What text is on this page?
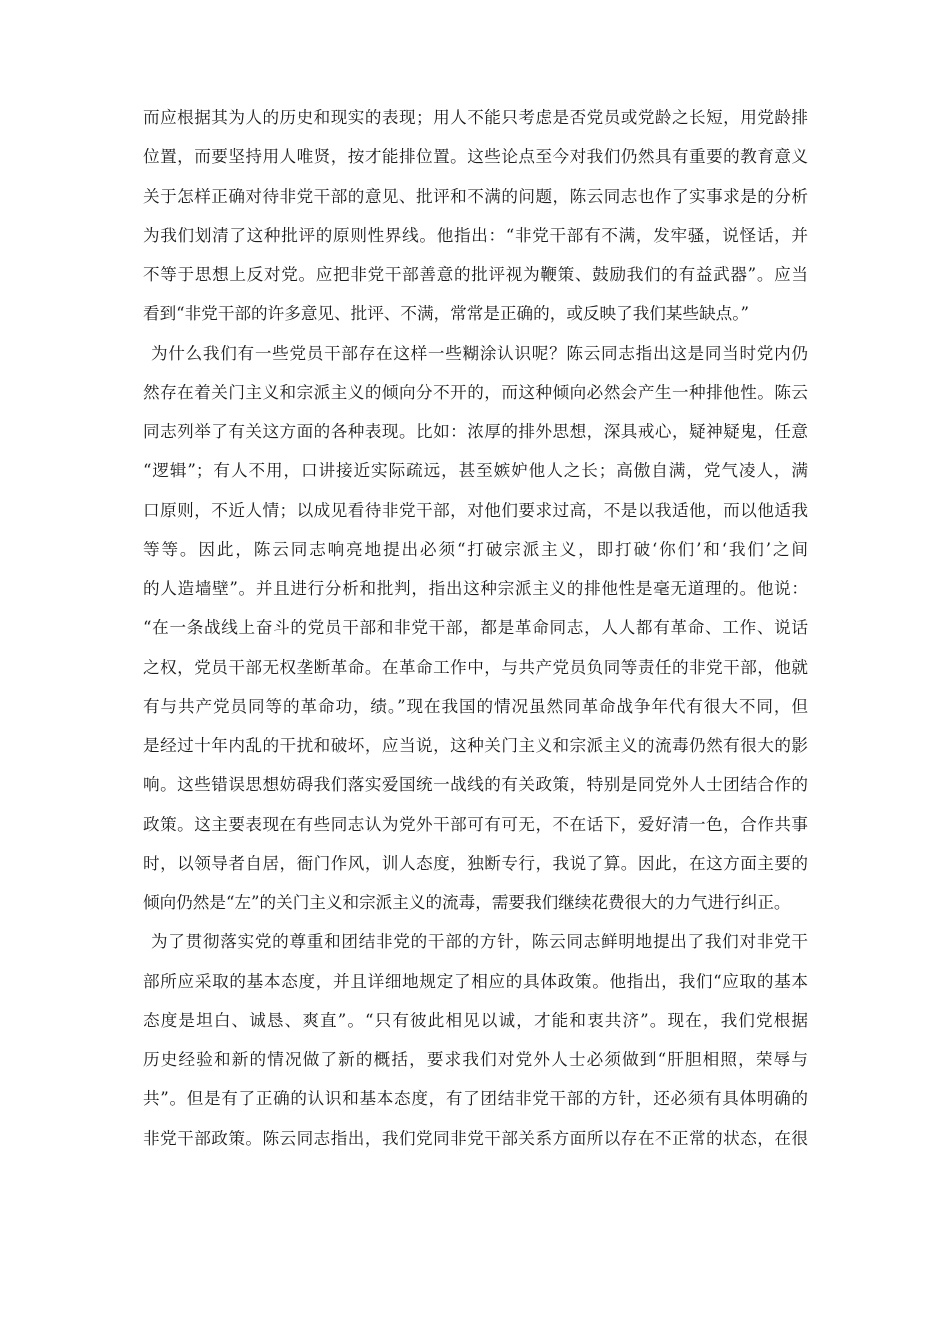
而应根据其为人的历史和现实的表现；用人不能只考虑是否党员或党龄之长短，用党龄排
位置，而要坚持用人唯贤，按才能排位置。这些论点至今对我们仍然具有重要的教育意义
关于怎样正确对待非党干部的意见、批评和不满的问题，陈云同志也作了实事求是的分析
为我们划清了这种批评的原则性界线。他指出：“非党干部有不满，发牢骚，说怪话，并
不等于思想上反对党。应把非党干部善意的批评视为鞭策、鼓励我们的有益武器”。应当
看到“非党干部的许多意见、批评、不满，常常是正确的，或反映了我们某些缺点。”
为什么我们有一些党员干部存在这样一些糊涂认识呢？陈云同志指出这是同当时党内仍
然存在着关门主义和宗派主义的倾向分不开的，而这种倾向必然会产生一种排他性。陈云
同志列举了有关这方面的各种表现。比如：浓厚的排外思想，深具戒心，疑神疑鬼，任意
“逻辑”；有人不用，口讲接近实际疏远，甚至嫉妒他人之长；高傲自满，党气凌人，满
口原则，不近人情；以成见看待非党干部，对他们要求过高，不是以我适他，而以他适我
等等。因此，陈云同志响亮地提出必须“打破宗派主义，即打破‘你们’和‘我们’之间
的人造墙壁”。并且进行分析和批判，指出这种宗派主义的排他性是毫无道理的。他说：
“在一条战线上奋斗的党员干部和非党干部，都是革命同志，人人都有革命、工作、说话
之权，党员干部无权垄断革命。在革命工作中，与共产党员负同等责任的非党干部，他就
有与共产党员同等的革命功，绩。”现在我国的情况虽然同革命战争年代有很大不同，但
是经过十年内乱的干扰和破坏，应当说，这种关门主义和宗派主义的流毒仍然有很大的影
响。这些错误思想妨碍我们落实爱国统一战线的有关政策，特别是同党外人士团结合作的
政策。这主要表现在有些同志认为党外干部可有可无，不在话下，爱好清一色，合作共事
时，以领导者自居，衙门作风，训人态度，独断专行，我说了算。因此，在这方面主要的
倾向仍然是“左”的关门主义和宗派主义的流毒，需要我们继续花费很大的力气进行纠正。
为了贯彻落实党的尊重和团结非党的干部的方针，陈云同志鲜明地提出了我们对非党干
部所应采取的基本态度，并且详细地规定了相应的具体政策。他指出，我们“应取的基本
态度是坦白、诚恳、爽直”。“只有彼此相见以诚，才能和衷共济”。现在，我们党根据
历史经验和新的情况做了新的概括，要求我们对党外人士必须做到“肝胆相照，荣辱与
共”。但是有了正确的认识和基本态度，有了团结非党干部的方针，还必须有具体明确的
非党干部政策。陈云同志指出，我们党同非党干部关系方面所以存在不正常的状态，在很
